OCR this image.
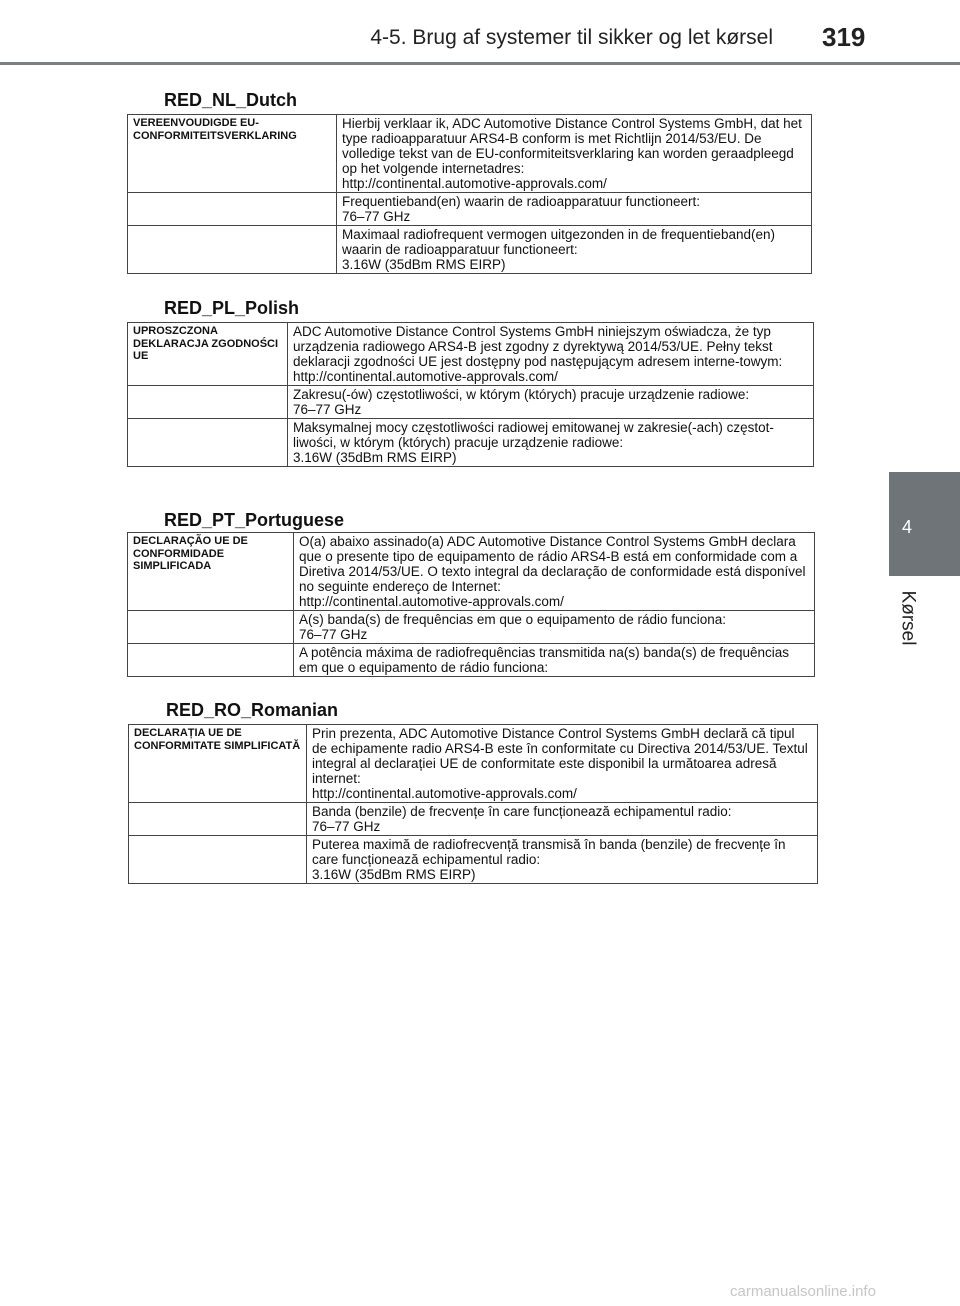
4-5. Brug af systemer til sikker og let kørsel 319
4
Kørsel
RED_NL_Dutch
VEREENVOUDIGDE EU-CONFORMITEITSVERKLARING	Hierbij verklaar ik, ADC Automotive Distance Control Systems GmbH, dat het type radioapparatuur ARS4-B conform is met Richtlijn 2014/53/EU. De volledige tekst van de EU-conformiteitsverklaring kan worden geraadpleegd op het volgende internetadres:
http://continental.automotive-approvals.com/
	Frequentieband(en) waarin de radioapparatuur functioneert:
76–77 GHz
	Maximaal radiofrequent vermogen uitgezonden in de frequentieband(en) waarin de radioapparatuur functioneert:
3.16W (35dBm RMS EIRP)
RED_PL_Polish
UPROSZCZONA DEKLARACJA ZGODNOŚCI UE	ADC Automotive Distance Control Systems GmbH niniejszym oświadcza, że typ urządzenia radiowego ARS4-B jest zgodny z dyrektywą 2014/53/UE. Pełny tekst deklaracji zgodności UE jest dostępny pod następującym adresem interne-towym:
http://continental.automotive-approvals.com/
	Zakresu(-ów) częstotliwości, w którym (których) pracuje urządzenie radiowe:
76–77 GHz
	Maksymalnej mocy częstotliwości radiowej emitowanej w zakresie(-ach) częstot-liwości, w którym (których) pracuje urządzenie radiowe:
3.16W (35dBm RMS EIRP)
RED_PT_Portuguese
DECLARAÇÃO UE DE CONFORMIDADE SIMPLIFICADA	O(a) abaixo assinado(a) ADC Automotive Distance Control Systems GmbH declara que o presente tipo de equipamento de rádio ARS4-B está em conformidade com a Diretiva 2014/53/UE. O texto integral da declaração de conformidade está disponível no seguinte endereço de Internet:
http://continental.automotive-approvals.com/
	A(s) banda(s) de frequências em que o equipamento de rádio funciona:
76–77 GHz
	A potência máxima de radiofrequências transmitida na(s) banda(s) de frequências em que o equipamento de rádio funciona:
RED_RO_Romanian
DECLARAȚIA UE DE CONFORMITATE SIMPLIFICATĂ	Prin prezenta, ADC Automotive Distance Control Systems GmbH declară că tipul de echipamente radio ARS4-B este în conformitate cu Directiva 2014/53/UE. Textul integral al declarației UE de conformitate este disponibil la următoarea adresă internet:
http://continental.automotive-approvals.com/
	Banda (benzile) de frecvențe în care funcționează echipamentul radio:
76–77 GHz
	Puterea maximă de radiofrecvență transmisă în banda (benzile) de frecvențe în care funcționează echipamentul radio:
3.16W (35dBm RMS EIRP)
carmanualsonline.info
